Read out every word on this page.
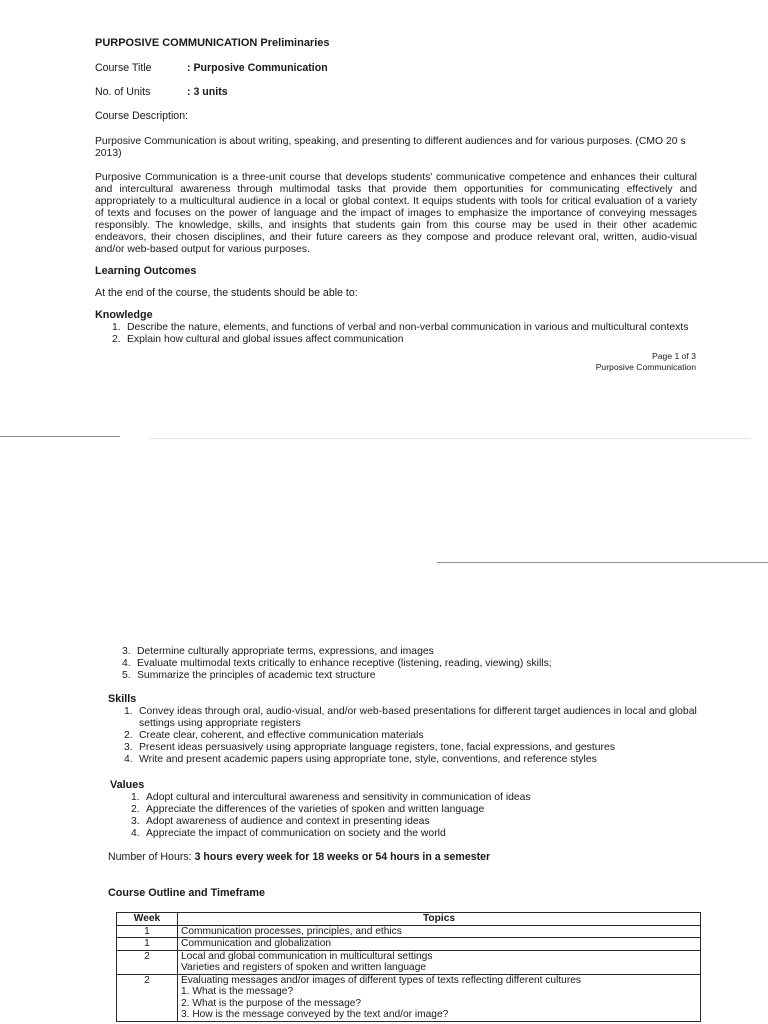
PURPOSIVE COMMUNICATION Preliminaries
Course Title	: Purposive Communication
No. of Units	: 3 units
Course Description:
Purposive Communication is about writing, speaking, and presenting to different audiences and for various purposes. (CMO 20 s
2013)
Purposive Communication is a three-unit course that develops students' communicative competence and enhances their cultural and intercultural awareness through multimodal tasks that provide them opportunities for communicating effectively and appropriately to a multicultural audience in a local or global context. It equips students with tools for critical evaluation of a variety of texts and focuses on the power of language and the impact of images to emphasize the importance of conveying messages responsibly. The knowledge, skills, and insights that students gain from this course may be used in their other academic endeavors, their chosen disciplines, and their future careers as they compose and produce relevant oral, written, audio-visual and/or web-based output for various purposes.
Learning Outcomes
At the end of the course, the students should be able to:
Knowledge
1. Describe the nature, elements, and functions of verbal and non-verbal communication in various and multicultural contexts
2. Explain how cultural and global issues affect communication
Page 1 of 3
Purposive Communication
3. Determine culturally appropriate terms, expressions, and images
4. Evaluate multimodal texts critically to enhance receptive (listening, reading, viewing) skills;
5. Summarize the principles of academic text structure
Skills
1. Convey ideas through oral, audio-visual, and/or web-based presentations for different target audiences in local and global settings using appropriate registers
2. Create clear, coherent, and effective communication materials
3. Present ideas persuasively using appropriate language registers, tone, facial expressions, and gestures
4. Write and present academic papers using appropriate tone, style, conventions, and reference styles
Values
1. Adopt cultural and intercultural awareness and sensitivity in communication of ideas
2. Appreciate the differences of the varieties of spoken and written language
3. Adopt awareness of audience and context in presenting ideas
4. Appreciate the impact of communication on society and the world
Number of Hours: 3 hours every week for 18 weeks or 54 hours in a semester
Course Outline and Timeframe
Week	Topics
1	Communication processes, principles, and ethics

1	Communication and globalization

2	Local and global communication in multicultural settings
Varieties and registers of spoken and written language

2	Evaluating messages and/or images of different types of texts reflecting different cultures
1. What is the message?
2. What is the purpose of the message?
3. How is the message conveyed by the text and/or image?
